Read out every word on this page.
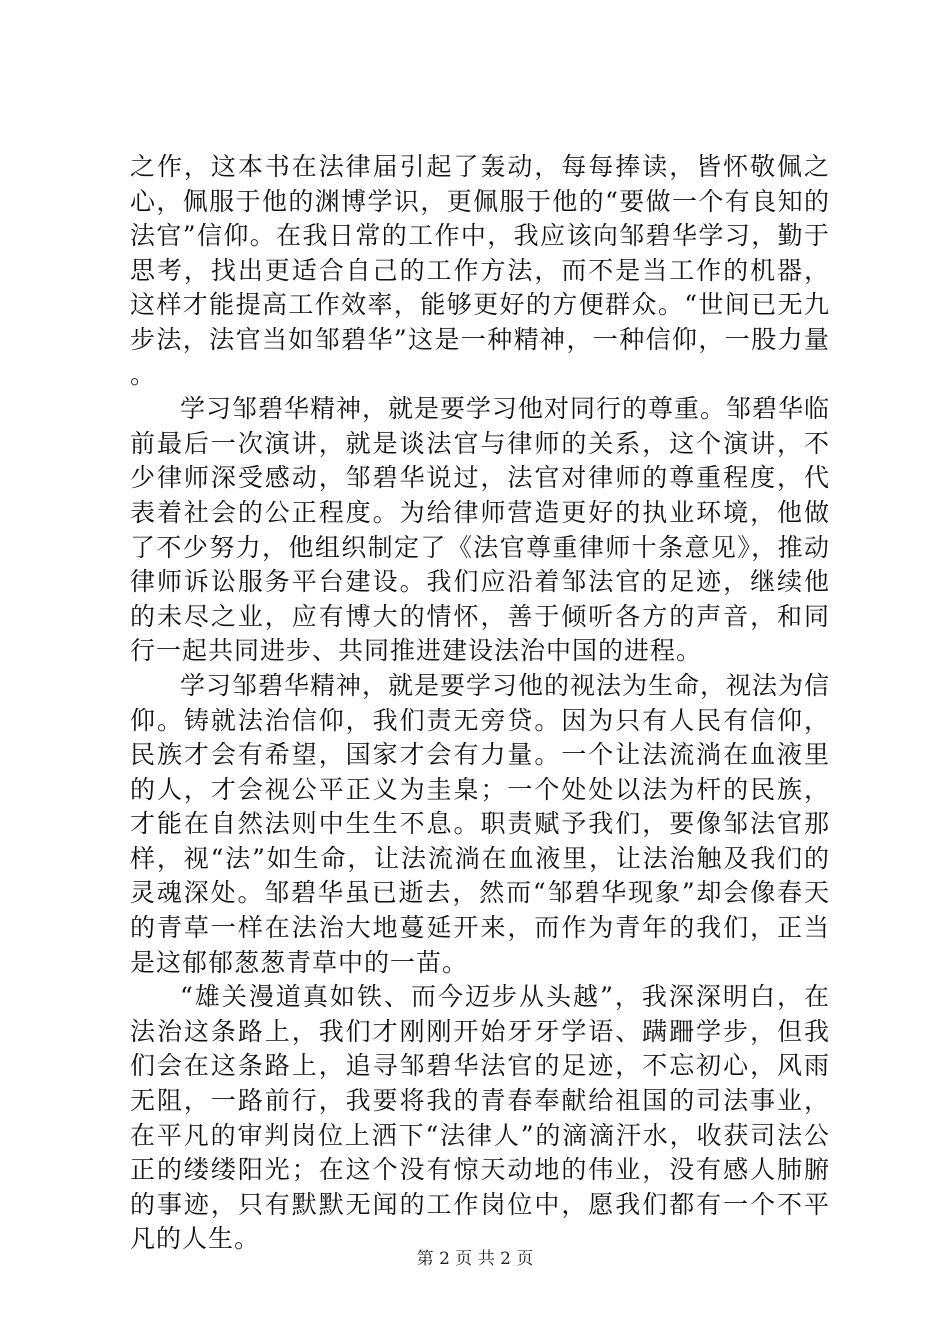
之作，这本书在法律届引起了轰动，每每捧读，皆怀敬佩之心，佩服于他的渊博学识，更佩服于他的“要做一个有良知的法官”信仰。在我日常的工作中，我应该向邹碧华学习，勤于思考，找出更适合自己的工作方法，而不是当工作的机器，这样才能提高工作效率，能够更好的方便群众。“世间已无九步法，法官当如邹碧华”这是一种精神，一种信仰，一股力量。

学习邹碧华精神，就是要学习他对同行的尊重。邹碧华临前最后一次演讲，就是谈法官与律师的关系，这个演讲，不少律师深受感动，邹碧华说过，法官对律师的尊重程度，代表着社会的公正程度。为给律师营造更好的执业环境，他做了不少努力，他组织制定了《法官尊重律师十条意见》，推动律师诉讼服务平台建设。我们应沿着邹法官的足迹，继续他的未尽之业，应有博大的情怀，善于倾听各方的声音，和同行一起共同进步、共同推进建设法治中国的进程。

学习邹碧华精神，就是要学习他的视法为生命，视法为信仰。铸就法治信仰，我们责无旁贷。因为只有人民有信仰，民族才会有希望，国家才会有力量。一个让法流淌在血液里的人，才会视公平正义为圭臬；一个处处以法为杆的民族，才能在自然法则中生生不息。职责赋予我们，要像邹法官那样，视“法”如生命，让法流淌在血液里，让法治触及我们的灵魂深处。邹碧华虽已逝去，然而“邹碧华现象”却会像春天的青草一样在法治大地蔓延开来，而作为青年的我们，正当是这郁郁葱葱青草中的一苗。

“雄关漫道真如铁、而今迈步从头越”，我深深明白，在法治这条路上，我们才刚刚开始牙牙学语、蹒跚学步，但我们会在这条路上，追寻邹碧华法官的足迹，不忘初心，风雨无阻，一路前行，我要将我的青春奉献给祖国的司法事业，在平凡的审判岗位上洒下“法律人”的滴滴汗水，收获司法公正的缕缕阳光；在这个没有惊天动地的伟业，没有感人肺腑的事迹，只有默默无闻的工作岗位中，愿我们都有一个不平凡的人生。

第 2 页 共 2 页
